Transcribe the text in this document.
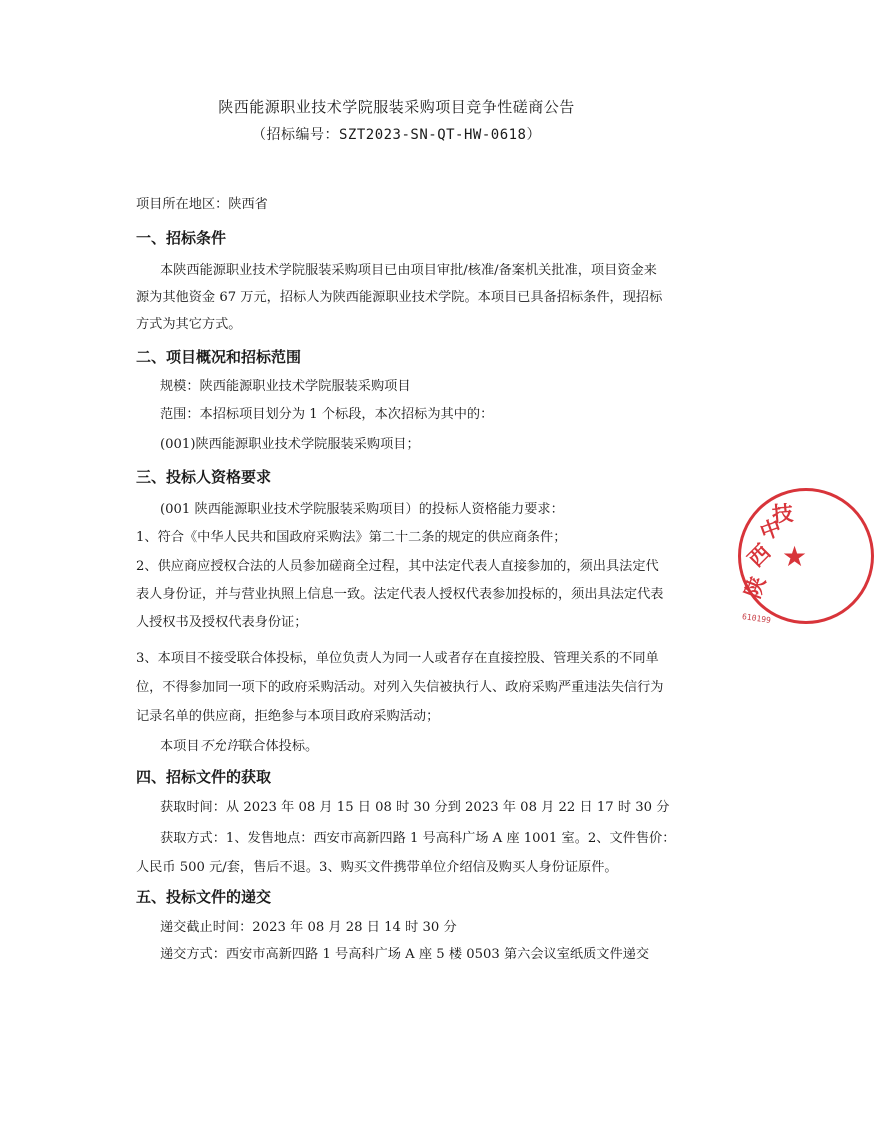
陕西能源职业技术学院服装采购项目竞争性磋商公告
（招标编号：SZT2023-SN-QT-HW-0618）
项目所在地区：陕西省
一、招标条件
本陕西能源职业技术学院服装采购项目已由项目审批/核准/备案机关批准，项目资金来
源为其他资金 67 万元，招标人为陕西能源职业技术学院。本项目已具备招标条件，现招标
方式为其它方式。
二、项目概况和招标范围
规模：陕西能源职业技术学院服装采购项目
范围：本招标项目划分为 1 个标段，本次招标为其中的：
(001)陕西能源职业技术学院服装采购项目；
三、投标人资格要求
(001 陕西能源职业技术学院服装采购项目）的投标人资格能力要求：
1、符合《中华人民共和国政府采购法》第二十二条的规定的供应商条件；
2、供应商应授权合法的人员参加磋商全过程，其中法定代表人直接参加的，须出具法定代
表人身份证，并与营业执照上信息一致。法定代表人授权代表参加投标的，须出具法定代表
人授权书及授权代表身份证；
3、本项目不接受联合体投标，单位负责人为同一人或者存在直接控股、管理关系的不同单
位，不得参加同一项下的政府采购活动。对列入失信被执行人、政府采购严重违法失信行为
记录名单的供应商，拒绝参与本项目政府采购活动；
本项目不允许联合体投标。
四、招标文件的获取
获取时间：从 2023 年 08 月 15 日 08 时 30 分到 2023 年 08 月 22 日 17 时 30 分
获取方式：1、发售地点：西安市高新四路 1 号高科广场 A 座 1001 室。2、文件售价：
人民币 500 元/套，售后不退。3、购买文件携带单位介绍信及购买人身份证原件。
五、投标文件的递交
递交截止时间：2023 年 08 月 28 日 14 时 30 分
递交方式：西安市高新四路 1 号高科广场 A 座 5 楼 0503 第六会议室纸质文件递交
陕
西
中
技
★
610199
